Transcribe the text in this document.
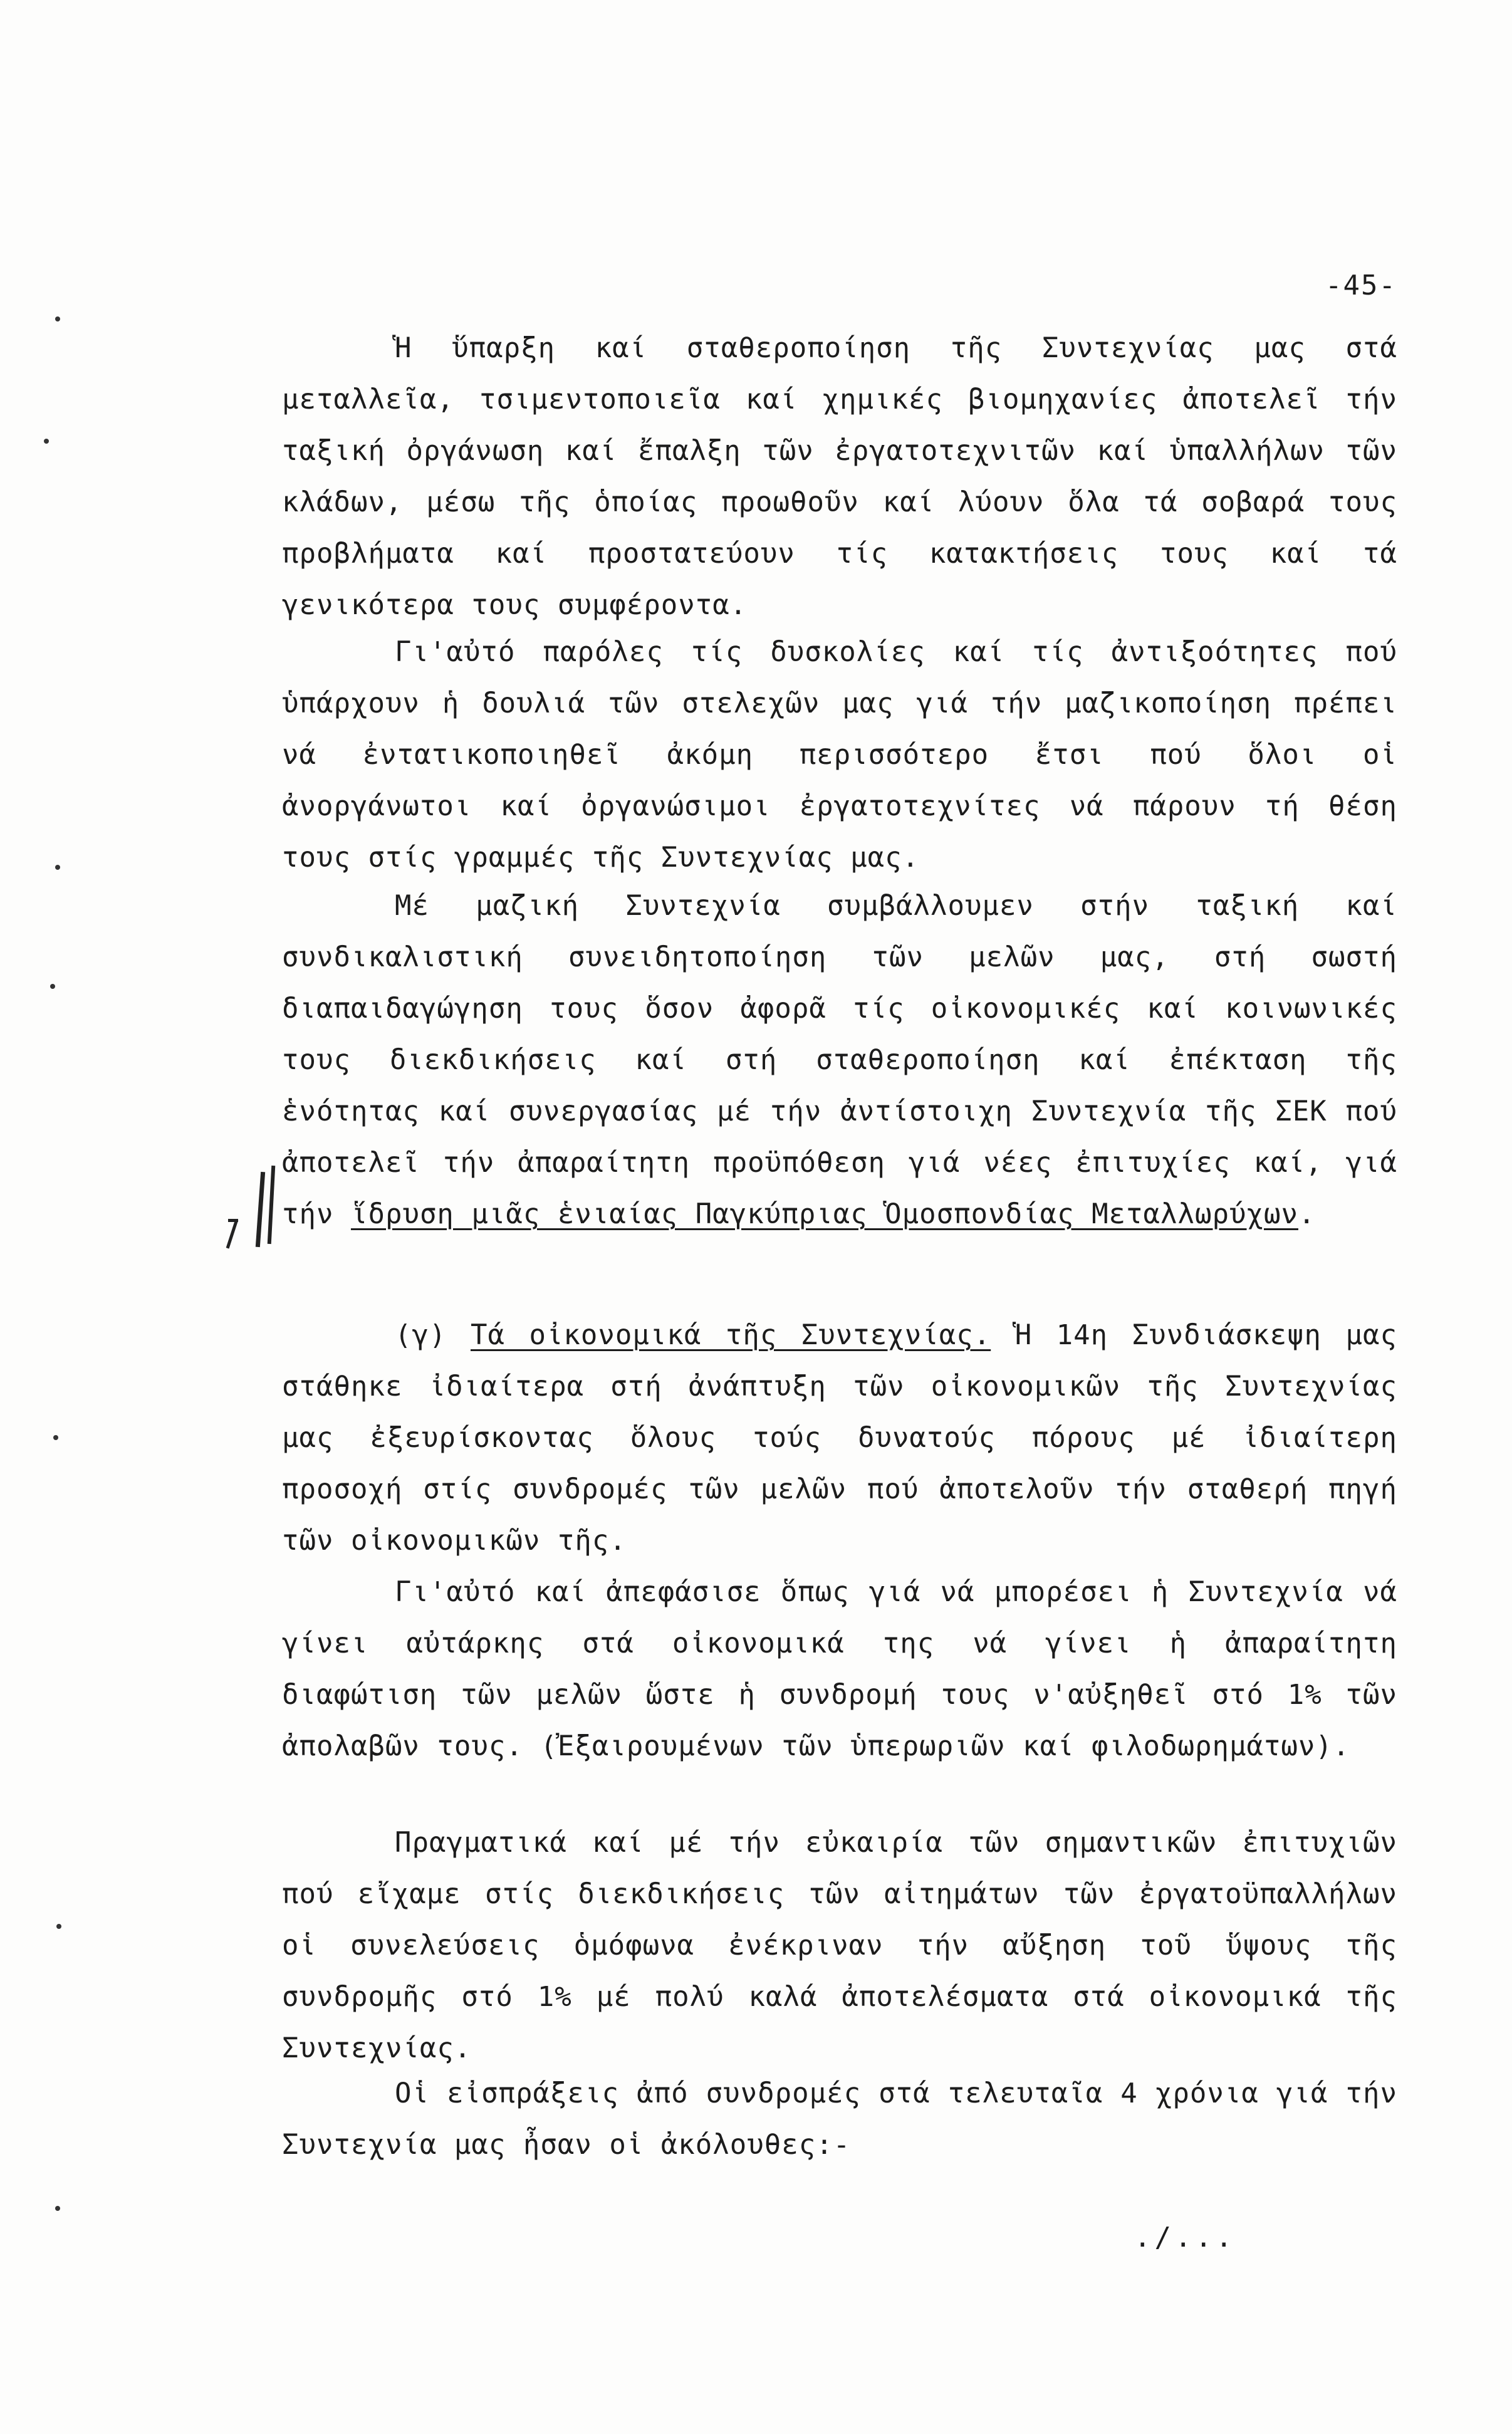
-45-

Ἡ ὕπαρξη καί σταθεροποίηση τῆς Συντεχνίας μας στά μεταλλεῖα, τσιμεντοποιεῖα καί χημικές βιομηχανίες ἀποτελεῖ τήν ταξική ὀργάνωση καί ἔπαλξη τῶν ἐργατοτεχνιτῶν καί ὑπαλλήλων τῶν κλάδων, μέσω τῆς ὁποίας προωθοῦν καί λύουν ὅλα τά σοβαρά τους προβλήματα καί προστατεύουν τίς κατακτήσεις τους καί τά γενικότερα τους συμφέροντα.

Γι'αὐτό παρόλες τίς δυσκολίες καί τίς ἀντιξοότητες πού ὑπάρχουν ἡ δουλιά τῶν στελεχῶν μας γιά τήν μαζικοποίηση πρέπει νά ἐντατικοποιηθεῖ ἀκόμη περισσότερο ἔτσι πού ὅλοι οἱ ἀνοργάνωτοι καί ὀργανώσιμοι ἐργατοτεχνίτες νά πάρουν τή θέση τους στίς γραμμές τῆς Συντεχνίας μας.

Μέ μαζική Συντεχνία συμβάλλουμεν στήν ταξική καί συνδικαλιστική συνειδητοποίηση τῶν μελῶν μας, στή σωστή διαπαιδαγώγηση τους ὅσον ἀφορᾶ τίς οἰκονομικές καί κοινωνικές τους διεκδικήσεις καί στή σταθεροποίηση καί ἐπέκταση τῆς ἑνότητας καί συνεργασίας μέ τήν ἀντίστοιχη Συντεχνία τῆς ΣΕΚ πού ἀποτελεῖ τήν ἀπαραίτητη προϋπόθεση γιά νέες ἐπιτυχίες καί, γιά τήν ἵδρυση μιᾶς ἑνιαίας Παγκύπριας Ὁμοσπονδίας Μεταλλωρύχων.

(γ) Τά οἰκονομικά τῆς Συντεχνίας. Ἡ 14η Συνδιάσκεψη μας στάθηκε ἰδιαίτερα στή ἀνάπτυξη τῶν οἰκονομικῶν τῆς Συντεχνίας μας ἐξευρίσκοντας ὅλους τούς δυνατούς πόρους μέ ἰδιαίτερη προσοχή στίς συνδρομές τῶν μελῶν πού ἀποτελοῦν τήν σταθερή πηγή τῶν οἰκονομικῶν τῆς.

Γι'αὐτό καί ἀπεφάσισε ὅπως γιά νά μπορέσει ἡ Συντεχνία νά γίνει αὐτάρκης στά οἰκονομικά της νά γίνει ἡ ἀπαραίτητη διαφώτιση τῶν μελῶν ὥστε ἡ συνδρομή τους ν'αὐξηθεῖ στό 1% τῶν ἀπολαβῶν τους. (Ἐξαιρουμένων τῶν ὑπερωριῶν καί φιλοδωρημάτων).

Πραγματικά καί μέ τήν εὐκαιρία τῶν σημαντικῶν ἐπιτυχιῶν πού εἴχαμε στίς διεκδικήσεις τῶν αἰτημάτων τῶν ἐργατοϋπαλλήλων οἱ συνελεύσεις ὁμόφωνα ἐνέκριναν τήν αὔξηση τοῦ ὕψους τῆς συνδρομῆς στό 1% μέ πολύ καλά ἀποτελέσματα στά οἰκονομικά τῆς Συντεχνίας.

Οἱ εἰσπράξεις ἀπό συνδρομές στά τελευταῖα 4 χρόνια γιά τήν Συντεχνία μας ἦσαν οἱ ἀκόλουθες:-

./...
